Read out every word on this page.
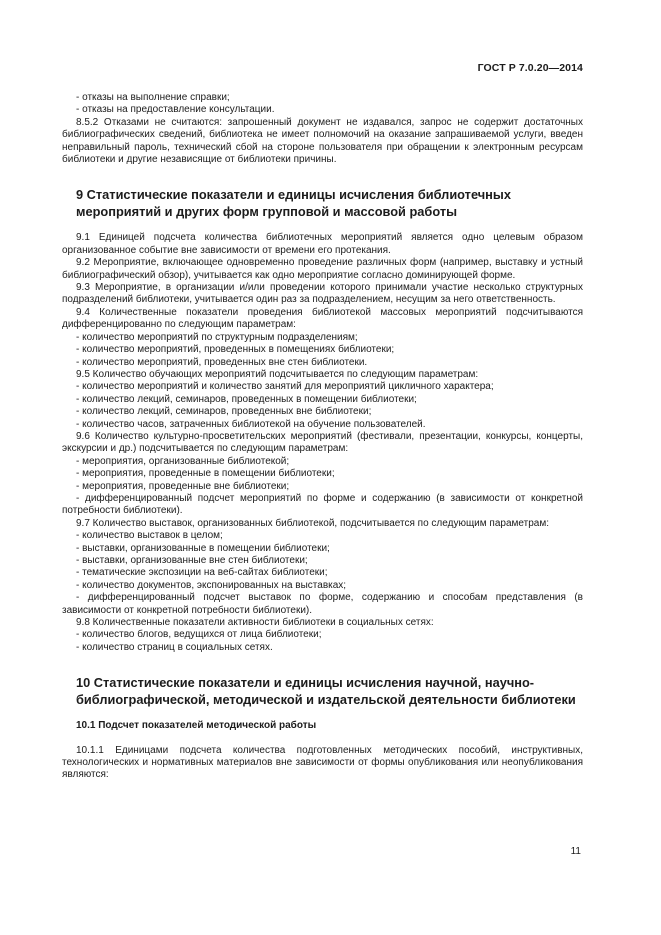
ГОСТ Р 7.0.20—2014
- отказы на выполнение справки;
- отказы на предоставление консультации.
8.5.2 Отказами не считаются: запрошенный документ не издавался, запрос не содержит достаточных библиографических сведений, библиотека не имеет полномочий на оказание запрашиваемой услуги, введен неправильный пароль, технический сбой на стороне пользователя при обращении к электронным ресурсам библиотеки и другие независящие от библиотеки причины.
9 Статистические показатели и единицы исчисления библиотечных мероприятий и других форм групповой и массовой работы
9.1 Единицей подсчета количества библиотечных мероприятий является одно целевым образом организованное событие вне зависимости от времени его протекания.
9.2 Мероприятие, включающее одновременно проведение различных форм (например, выставку и устный библиографический обзор), учитывается как одно мероприятие согласно доминирующей форме.
9.3 Мероприятие, в организации и/или проведении которого принимали участие несколько структурных подразделений библиотеки, учитывается один раз за подразделением, несущим за него ответственность.
9.4 Количественные показатели проведения библиотекой массовых мероприятий подсчитываются дифференцированно по следующим параметрам:
- количество мероприятий по структурным подразделениям;
- количество мероприятий, проведенных в помещениях библиотеки;
- количество мероприятий, проведенных вне стен библиотеки.
9.5 Количество обучающих мероприятий подсчитывается по следующим параметрам:
- количество мероприятий и количество занятий для мероприятий цикличного характера;
- количество лекций, семинаров, проведенных в помещении библиотеки;
- количество лекций, семинаров, проведенных вне библиотеки;
- количество часов, затраченных библиотекой на обучение пользователей.
9.6 Количество культурно-просветительских мероприятий (фестивали, презентации, конкурсы, концерты, экскурсии и др.) подсчитывается по следующим параметрам:
- мероприятия, организованные библиотекой;
- мероприятия, проведенные в помещении библиотеки;
- мероприятия, проведенные вне библиотеки;
- дифференцированный подсчет мероприятий по форме и содержанию (в зависимости от конкретной потребности библиотеки).
9.7 Количество выставок, организованных библиотекой, подсчитывается по следующим параметрам:
- количество выставок в целом;
- выставки, организованные в помещении библиотеки;
- выставки, организованные вне стен библиотеки;
- тематические экспозиции на веб-сайтах библиотеки;
- количество документов, экспонированных на выставках;
- дифференцированный подсчет выставок по форме, содержанию и способам представления (в зависимости от конкретной потребности библиотеки).
9.8 Количественные показатели активности библиотеки в социальных сетях:
- количество блогов, ведущихся от лица библиотеки;
- количество страниц в социальных сетях.
10 Статистические показатели и единицы исчисления научной, научно-библиографической, методической и издательской деятельности библиотеки
10.1 Подсчет показателей методической работы
10.1.1 Единицами подсчета количества подготовленных методических пособий, инструктивных, технологических и нормативных материалов вне зависимости от формы опубликования или неопубликования являются:
11
